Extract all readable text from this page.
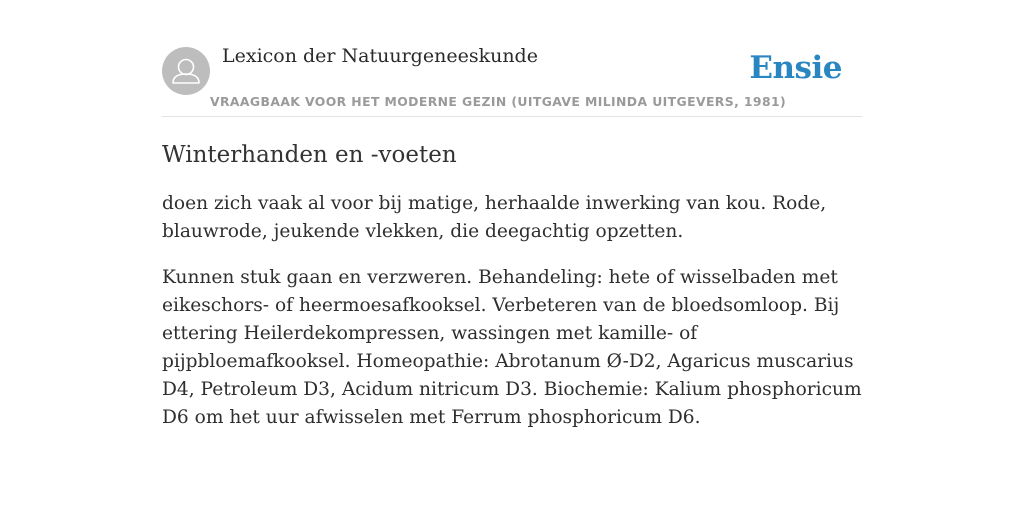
Lexicon der Natuurgeneeskunde
VRAAGBAAK VOOR HET MODERNE GEZIN (UITGAVE MILINDA UITGEVERS, 1981)
Ensie
Winterhanden en -voeten

doen zich vaak al voor bij matige, herhaalde inwerking van kou. Rode, blauwrode, jeukende vlekken, die deegachtig opzetten.

Kunnen stuk gaan en verzweren. Behandeling: hete of wisselbaden met eikeschors- of heermoesafkooksel. Verbeteren van de bloedsomloop. Bij ettering Heilerdekompressen, wassingen met kamille- of pijpbloemafkooksel. Homeopathie: Abrotanum Ø-D2, Agaricus muscarius D4, Petroleum D3, Acidum nitricum D3. Biochemie: Kalium phosphoricum D6 om het uur afwisselen met Ferrum phosphoricum D6.
